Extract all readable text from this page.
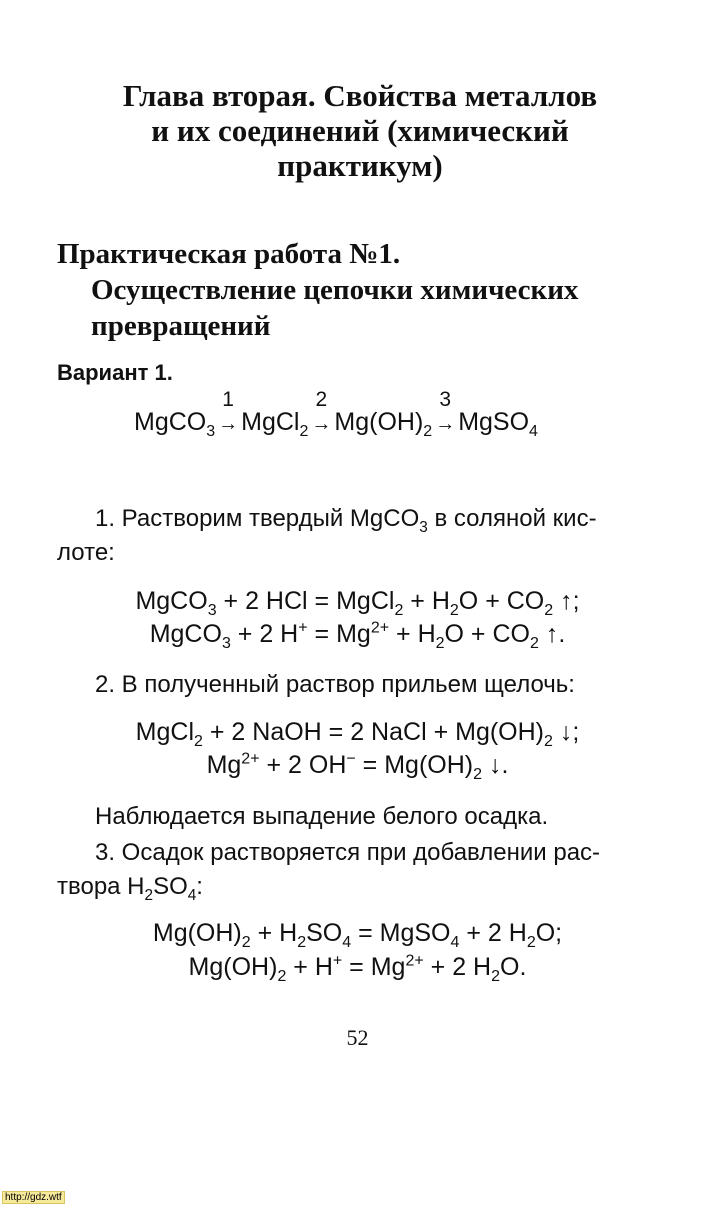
Глава вторая. Свойства металлов
и их соединений (химический
практикум)
Практическая работа №1.
Осуществление цепочки химических
превращений
Вариант 1.
MgCO$_3$
1
→ MgCl$_2$
2
→ $Mg(OH)_2$
3
→ MgSO$_4$
1. Растворим твердый MgCO$_3$ в соляной кис-
лоте:
MgCO$_3$ + 2 HCl = MgCl$_2$ + $H_2O + CO_2$ ↑;
MgCO$_3$ + 2 $H^+ = Mg^{2+} + H_2O + CO_2$ ↑.
2. В полученный раствор прильем щелочь:
MgCl$_2$ + 2 NaOH = 2 NaCl + $Mg(OH)_2$ ↓;
$Mg^{2+} + 2$ $OH^- = Mg(OH)_2$ ↓.
Наблюдается выпадение белого осадка.
3. Осадок растворяется при добавлении рас-
твора $H_2SO_4$:
$Mg(OH)_2 + H_2SO_4$ = MgSO$_4$ + 2 $H_2O$;
$Mg(OH)_2 + H^+ = Mg^{2+} + 2$ $H_2O$.
52
http://gdz.wtf
